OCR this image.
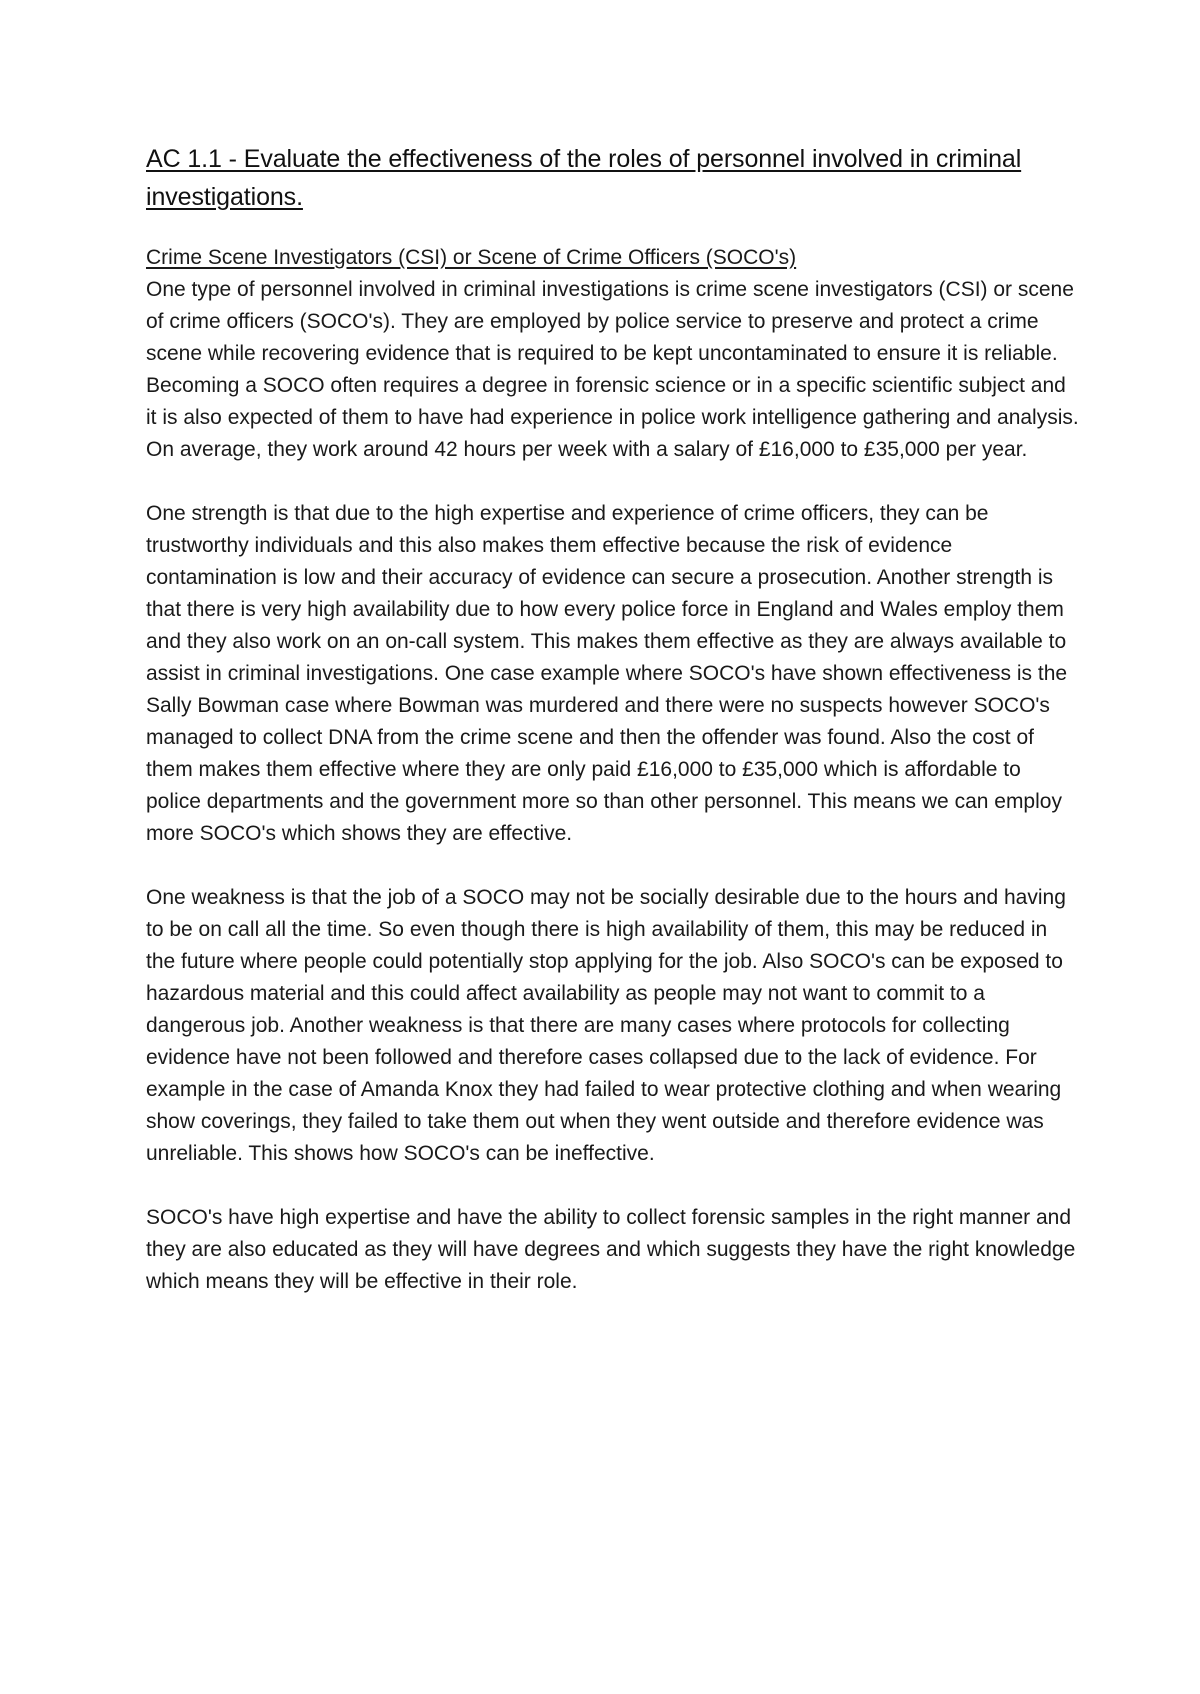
AC 1.1 - Evaluate the effectiveness of the roles of personnel involved in criminal investigations.
Crime Scene Investigators (CSI) or Scene of Crime Officers (SOCO's)

One type of personnel involved in criminal investigations is crime scene investigators (CSI) or scene of crime officers (SOCO's). They are employed by police service to preserve and protect a crime scene while recovering evidence that is required to be kept uncontaminated to ensure it is reliable.

Becoming a SOCO often requires a degree in forensic science or in a specific scientific subject and it is also expected of them to have had experience in police work intelligence gathering and analysis. On average, they work around 42 hours per week with a salary of £16,000 to £35,000 per year.

One strength is that due to the high expertise and experience of crime officers, they can be trustworthy individuals and this also makes them effective because the risk of evidence contamination is low and their accuracy of evidence can secure a prosecution. Another strength is that there is very high availability due to how every police force in England and Wales employ them and they also work on an on-call system. This makes them effective as they are always available to assist in criminal investigations. One case example where SOCO's have shown effectiveness is the Sally Bowman case where Bowman was murdered and there were no suspects however SOCO's managed to collect DNA from the crime scene and then the offender was found. Also the cost of them makes them effective where they are only paid £16,000 to £35,000 which is affordable to police departments and the government more so than other personnel. This means we can employ more SOCO's which shows they are effective.

One weakness is that the job of a SOCO may not be socially desirable due to the hours and having to be on call all the time. So even though there is high availability of them, this may be reduced in the future where people could potentially stop applying for the job. Also SOCO's can be exposed to hazardous material and this could affect availability as people may not want to commit to a dangerous job. Another weakness is that there are many cases where protocols for collecting evidence have not been followed and therefore cases collapsed due to the lack of evidence. For example in the case of Amanda Knox they had failed to wear protective clothing and when wearing show coverings, they failed to take them out when they went outside and therefore evidence was unreliable. This shows how SOCO's can be ineffective.

SOCO's have high expertise and have the ability to collect forensic samples in the right manner and they are also educated as they will have degrees and which suggests they have the right knowledge which means they will be effective in their role.
